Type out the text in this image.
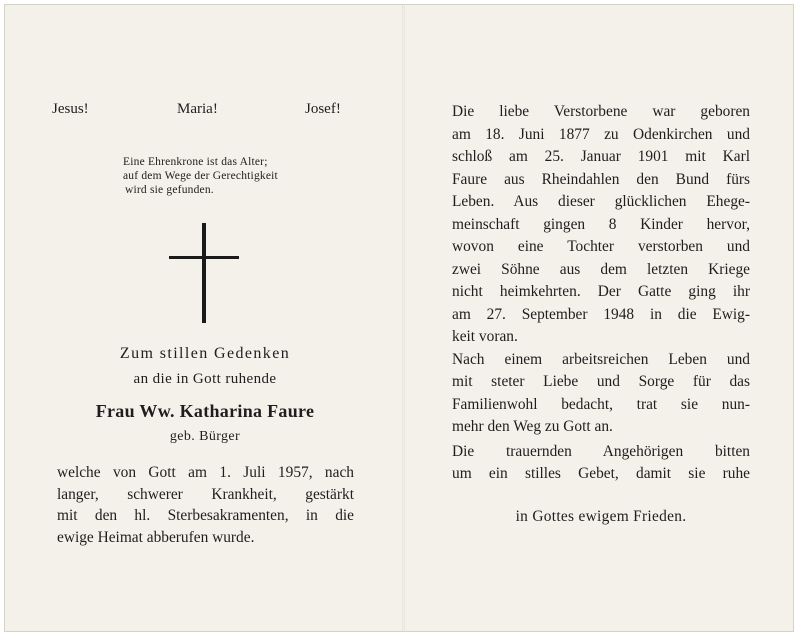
Jesus!	Maria!	Josef!
Eine Ehrenkrone ist das Alter;
auf dem Wege der Gerechtigkeit
wird sie gefunden.
Zum stillen Gedenken
an die in Gott ruhende
Frau Ww. Katharina Faure
geb. Bürger
welche von Gott am 1. Juli 1957, nach
langer, schwerer Krankheit, gestärkt
mit den hl. Sterbesakramenten, in die
ewige Heimat abberufen wurde.
Die liebe Verstorbene war geboren
am 18. Juni 1877 zu Odenkirchen und
schloß am 25. Januar 1901 mit Karl
Faure aus Rheindahlen den Bund fürs
Leben. Aus dieser glücklichen Ehege-
meinschaft gingen 8 Kinder hervor,
wovon eine Tochter verstorben und
zwei Söhne aus dem letzten Kriege
nicht heimkehrten. Der Gatte ging ihr
am 27. September 1948 in die Ewig-
keit voran.
Nach einem arbeitsreichen Leben und
mit steter Liebe und Sorge für das
Familienwohl bedacht, trat sie nun-
mehr den Weg zu Gott an.
Die trauernden Angehörigen bitten
um ein stilles Gebet, damit sie ruhe
in Gottes ewigem Frieden.
